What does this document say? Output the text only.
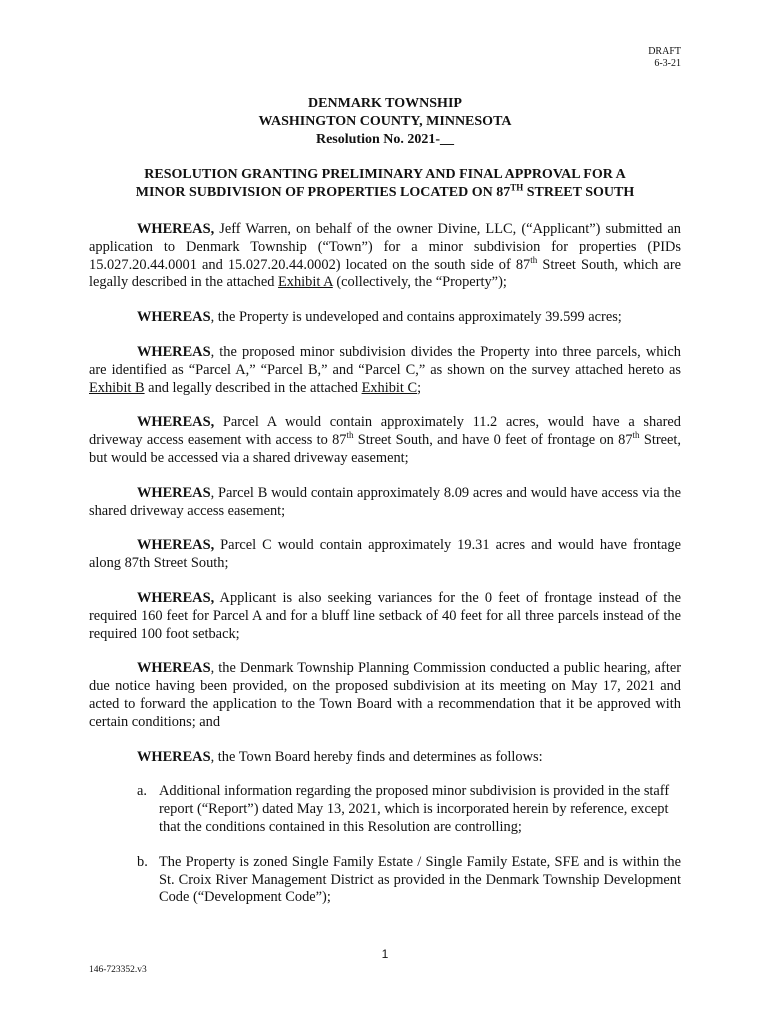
DRAFT
6-3-21
DENMARK TOWNSHIP
WASHINGTON COUNTY, MINNESOTA
Resolution No. 2021-__
RESOLUTION GRANTING PRELIMINARY AND FINAL APPROVAL FOR A
MINOR SUBDIVISION OF PROPERTIES LOCATED ON 87TH STREET SOUTH

WHEREAS, Jeff Warren, on behalf of the owner Divine, LLC, (“Applicant”) submitted an application to Denmark Township (“Town”) for a minor subdivision for properties (PIDs 15.027.20.44.0001 and 15.027.20.44.0002) located on the south side of 87th Street South, which are legally described in the attached Exhibit A (collectively, the “Property”);

WHEREAS, the Property is undeveloped and contains approximately 39.599 acres;

WHEREAS, the proposed minor subdivision divides the Property into three parcels, which are identified as “Parcel A,” “Parcel B,” and “Parcel C,” as shown on the survey attached hereto as Exhibit B and legally described in the attached Exhibit C;

WHEREAS, Parcel A would contain approximately 11.2 acres, would have a shared driveway access easement with access to 87th Street South, and have 0 feet of frontage on 87th Street, but would be accessed via a shared driveway easement;

WHEREAS, Parcel B would contain approximately 8.09 acres and would have access via the shared driveway access easement;

WHEREAS, Parcel C would contain approximately 19.31 acres and would have frontage along 87th Street South;

WHEREAS, Applicant is also seeking variances for the 0 feet of frontage instead of the required 160 feet for Parcel A and for a bluff line setback of 40 feet for all three parcels instead of the required 100 foot setback;

WHEREAS, the Denmark Township Planning Commission conducted a public hearing, after due notice having been provided, on the proposed subdivision at its meeting on May 17, 2021 and acted to forward the application to the Town Board with a recommendation that it be approved with certain conditions; and

WHEREAS, the Town Board hereby finds and determines as follows:

a. Additional information regarding the proposed minor subdivision is provided in the staff report (“Report”) dated May 13, 2021, which is incorporated herein by reference, except that the conditions contained in this Resolution are controlling;
b. The Property is zoned Single Family Estate / Single Family Estate, SFE and is within the St. Croix River Management District as provided in the Denmark Township Development Code (“Development Code”);
1
146-723352.v3
